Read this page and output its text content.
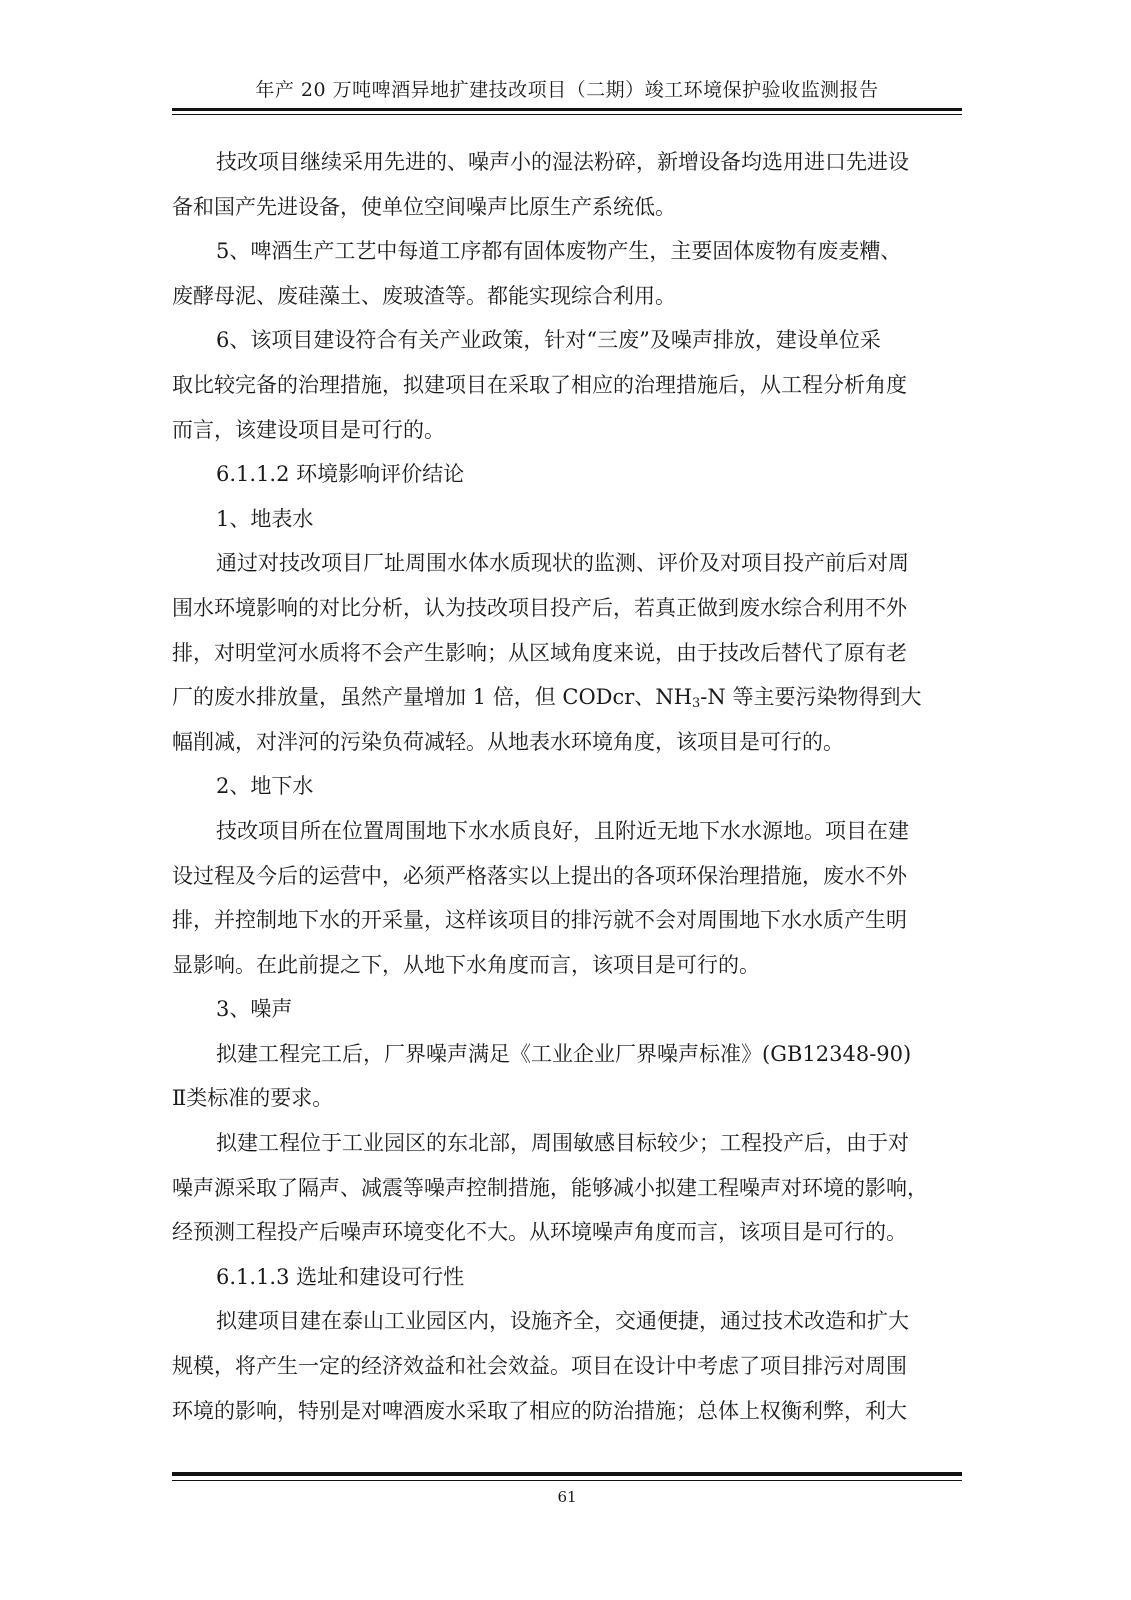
年产 20 万吨啤酒异地扩建技改项目（二期）竣工环境保护验收监测报告
技改项目继续采用先进的、噪声小的湿法粉碎，新增设备均选用进口先进设
备和国产先进设备，使单位空间噪声比原生产系统低。
5、啤酒生产工艺中每道工序都有固体废物产生，主要固体废物有废麦糟、
废酵母泥、废硅藻土、废玻渣等。都能实现综合利用。
6、该项目建设符合有关产业政策，针对“三废”及噪声排放，建设单位采
取比较完备的治理措施，拟建项目在采取了相应的治理措施后，从工程分析角度
而言，该建设项目是可行的。
6.1.1.2 环境影响评价结论
1、地表水
通过对技改项目厂址周围水体水质现状的监测、评价及对项目投产前后对周
围水环境影响的对比分析，认为技改项目投产后，若真正做到废水综合利用不外
排，对明堂河水质将不会产生影响；从区域角度来说，由于技改后替代了原有老
厂的废水排放量，虽然产量增加 1 倍，但 CODcr、$NH_3-N$ 等主要污染物得到大
幅削减，对泮河的污染负荷减轻。从地表水环境角度，该项目是可行的。
2、地下水
技改项目所在位置周围地下水水质良好，且附近无地下水水源地。项目在建
设过程及今后的运营中，必须严格落实以上提出的各项环保治理措施，废水不外
排，并控制地下水的开采量，这样该项目的排污就不会对周围地下水水质产生明
显影响。在此前提之下，从地下水角度而言，该项目是可行的。
3、噪声
拟建工程完工后，厂界噪声满足《工业企业厂界噪声标准》(GB12348-90)
Ⅱ类标准的要求。
拟建工程位于工业园区的东北部，周围敏感目标较少；工程投产后，由于对
噪声源采取了隔声、减震等噪声控制措施，能够减小拟建工程噪声对环境的影响，
经预测工程投产后噪声环境变化不大。从环境噪声角度而言，该项目是可行的。
6.1.1.3 选址和建设可行性
拟建项目建在泰山工业园区内，设施齐全，交通便捷，通过技术改造和扩大
规模，将产生一定的经济效益和社会效益。项目在设计中考虑了项目排污对周围
环境的影响，特别是对啤酒废水采取了相应的防治措施；总体上权衡利弊，利大
61
